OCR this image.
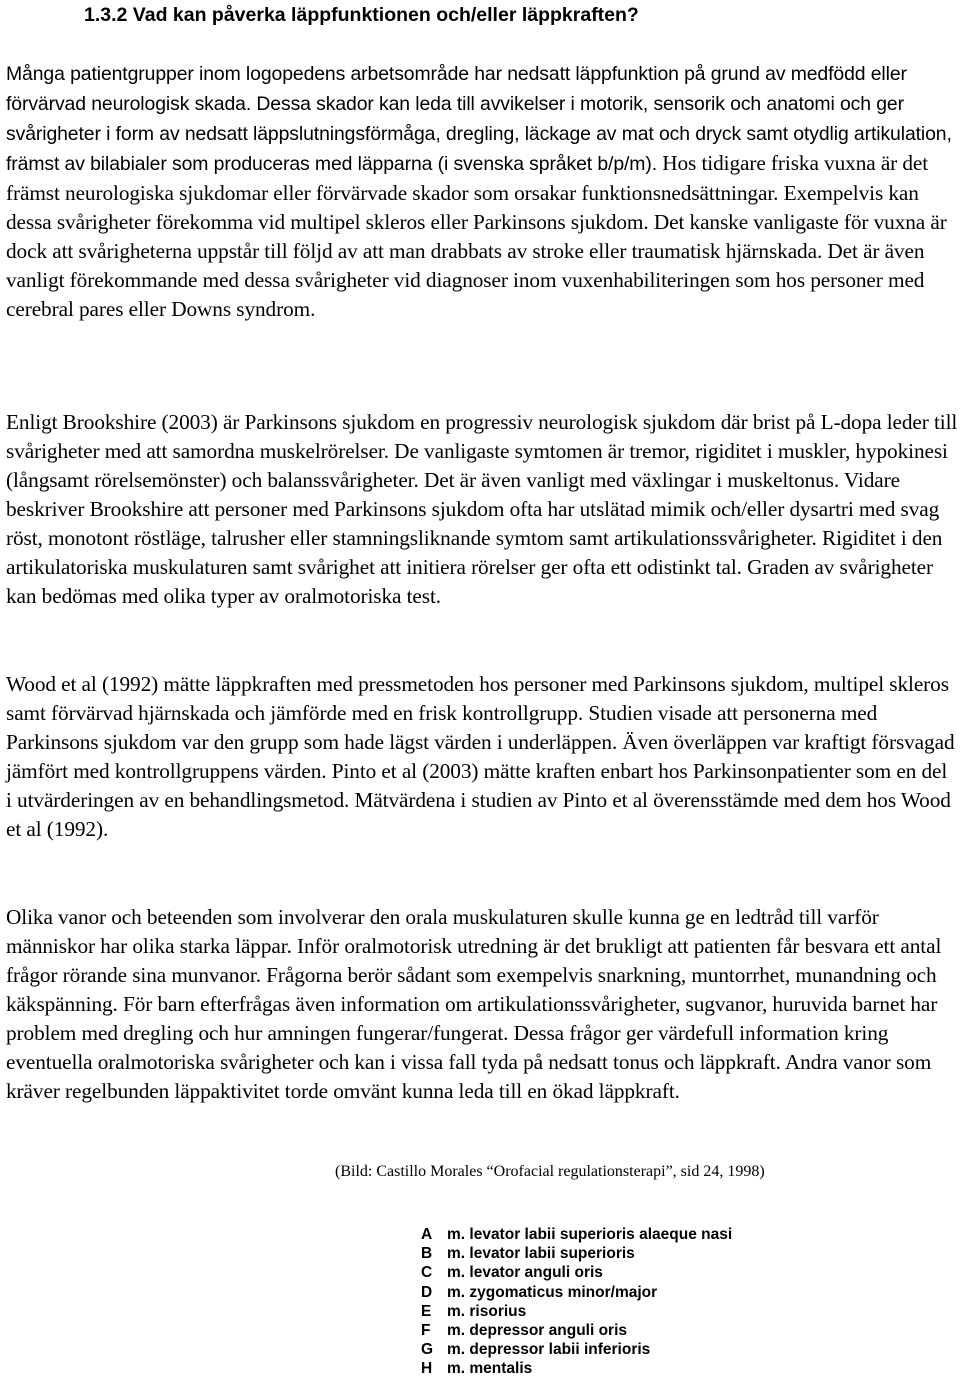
1.3.2 Vad kan påverka läppfunktionen och/eller läppkraften?

Många patientgrupper inom logopedens arbetsområde har nedsatt läppfunktion på grund av medfödd eller förvärvad neurologisk skada. Dessa skador kan leda till avvikelser i motorik, sensorik och anatomi och ger svårigheter i form av nedsatt läppslutningsförmåga, dregling, läckage av mat och dryck samt otydlig artikulation, främst av bilabialer som produceras med läpparna (i svenska språket b/p/m). Hos tidigare friska vuxna är det främst neurologiska sjukdomar eller förvärvade skador som orsakar funktionsnedsättningar. Exempelvis kan dessa svårigheter förekomma vid multipel skleros eller Parkinsons sjukdom. Det kanske vanligaste för vuxna är dock att svårigheterna uppstår till följd av att man drabbats av stroke eller traumatisk hjärnskada. Det är även vanligt förekommande med dessa svårigheter vid diagnoser inom vuxenhabiliteringen som hos personer med cerebral pares eller Downs syndrom.

Enligt Brookshire (2003) är Parkinsons sjukdom en progressiv neurologisk sjukdom där brist på L-dopa leder till svårigheter med att samordna muskelrörelser. De vanligaste symtomen är tremor, rigiditet i muskler, hypokinesi (långsamt rörelsemönster) och balanssvårigheter. Det är även vanligt med växlingar i muskeltonus. Vidare beskriver Brookshire att personer med Parkinsons sjukdom ofta har utslätad mimik och/eller dysartri med svag röst, monotont röstläge, talrusher eller stamningsliknande symtom samt artikulationssvårigheter. Rigiditet i den artikulatoriska muskulaturen samt svårighet att initiera rörelser ger ofta ett odistinkt tal. Graden av svårigheter kan bedömas med olika typer av oralmotoriska test.

Wood et al (1992) mätte läppkraften med pressmetoden hos personer med Parkinsons sjukdom, multipel skleros samt förvärvad hjärnskada och jämförde med en frisk kontrollgrupp. Studien visade att personerna med Parkinsons sjukdom var den grupp som hade lägst värden i underläppen. Även överläppen var kraftigt försvagad jämfört med kontrollgruppens värden. Pinto et al (2003) mätte kraften enbart hos Parkinsonpatienter som en del i utvärderingen av en behandlingsmetod. Mätvärdena i studien av Pinto et al överensstämde med dem hos Wood et al (1992).

Olika vanor och beteenden som involverar den orala muskulaturen skulle kunna ge en ledtråd till varför människor har olika starka läppar. Inför oralmotorisk utredning är det brukligt att patienten får besvara ett antal frågor rörande sina munvanor. Frågorna berör sådant som exempelvis snarkning, muntorrhet, munandning och käkspänning. För barn efterfrågas även information om artikulationssvårigheter, sugvanor, huruvida barnet har problem med dregling och hur amningen fungerar/fungerat. Dessa frågor ger värdefull information kring eventuella oralmotoriska svårigheter och kan i vissa fall tyda på nedsatt tonus och läppkraft. Andra vanor som kräver regelbunden läppaktivitet torde omvänt kunna leda till en ökad läppkraft.

(Bild: Castillo Morales “Orofacial regulationsterapi”, sid 24, 1998)

A m. levator labii superioris alaeque nasi
B m. levator labii superioris
C m. levator anguli oris
D m. zygomaticus minor/major
E m. risorius
F m. depressor anguli oris
G m. depressor labii inferioris
H m. mentalis
